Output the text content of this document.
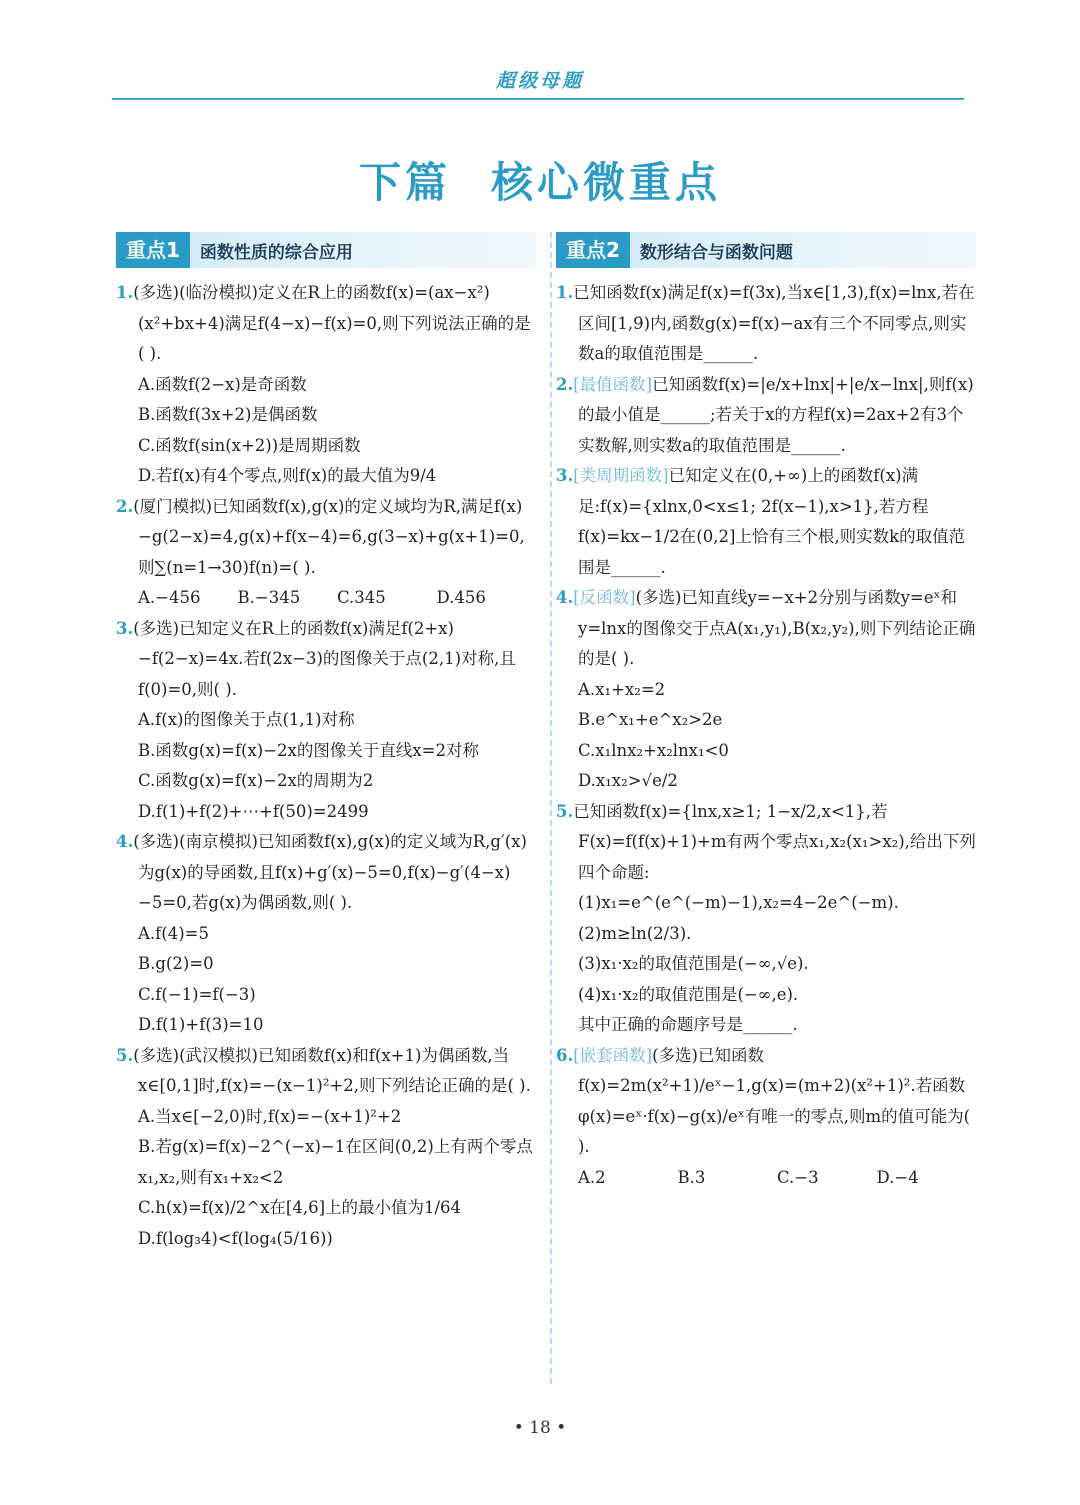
超级母题
下篇 核心微重点
重点1	函数性质的综合应用
1.(多选)(临汾模拟)定义在R上的函数f(x)=(ax−x²)(x²+bx+4)满足f(4−x)−f(x)=0,则下列说法正确的是( ).
A.函数f(2−x)是奇函数
B.函数f(3x+2)是偶函数
C.函数f(sin(x+2))是周期函数
D.若f(x)有4个零点,则f(x)的最大值为9/4
2.(厦门模拟)已知函数f(x),g(x)的定义域均为R,满足f(x)−g(2−x)=4,g(x)+f(x−4)=6,g(3−x)+g(x+1)=0,则∑(n=1→30)f(n)=( ).
A.−456	B.−345	C.345	D.456
3.(多选)已知定义在R上的函数f(x)满足f(2+x)−f(2−x)=4x.若f(2x−3)的图像关于点(2,1)对称,且f(0)=0,则( ).
A.f(x)的图像关于点(1,1)对称
B.函数g(x)=f(x)−2x的图像关于直线x=2对称
C.函数g(x)=f(x)−2x的周期为2
D.f(1)+f(2)+⋯+f(50)=2499
4.(多选)(南京模拟)已知函数f(x),g(x)的定义域为R,g′(x)为g(x)的导函数,且f(x)+g′(x)−5=0,f(x)−g′(4−x)−5=0,若g(x)为偶函数,则( ).
A.f(4)=5
B.g(2)=0
C.f(−1)=f(−3)
D.f(1)+f(3)=10
5.(多选)(武汉模拟)已知函数f(x)和f(x+1)为偶函数,当x∈[0,1]时,f(x)=−(x−1)²+2,则下列结论正确的是( ).
A.当x∈[−2,0)时,f(x)=−(x+1)²+2
B.若g(x)=f(x)−2^(−x)−1在区间(0,2)上有两个零点x₁,x₂,则有x₁+x₂<2
C.h(x)=f(x)/2^x在[4,6]上的最小值为1/64
D.f(log₃4)<f(log₄(5/16))
重点2	数形结合与函数问题
1.已知函数f(x)满足f(x)=f(3x),当x∈[1,3),f(x)=lnx,若在区间[1,9)内,函数g(x)=f(x)−ax有三个不同零点,则实数a的取值范围是______.
2.[最值函数]已知函数f(x)=|e/x+lnx|+|e/x−lnx|,则f(x)的最小值是______;若关于x的方程f(x)=2ax+2有3个实数解,则实数a的取值范围是______.
3.[类周期函数]已知定义在(0,+∞)上的函数f(x)满足:f(x)={xlnx,0<x≤1; 2f(x−1),x>1},若方程f(x)=kx−1/2在(0,2]上恰有三个根,则实数k的取值范围是______.
4.[反函数](多选)已知直线y=−x+2分别与函数y=eˣ和y=lnx的图像交于点A(x₁,y₁),B(x₂,y₂),则下列结论正确的是( ).
A.x₁+x₂=2
B.e^x₁+e^x₂>2e
C.x₁lnx₂+x₂lnx₁<0
D.x₁x₂>√e/2
5.已知函数f(x)={lnx,x≥1; 1−x/2,x<1},若F(x)=f(f(x)+1)+m有两个零点x₁,x₂(x₁>x₂),给出下列四个命题:
(1)x₁=e^(e^(−m)−1),x₂=4−2e^(−m).
(2)m≥ln(2/3).
(3)x₁·x₂的取值范围是(−∞,√e).
(4)x₁·x₂的取值范围是(−∞,e).
其中正确的命题序号是______.
6.[嵌套函数](多选)已知函数f(x)=2m(x²+1)/eˣ−1,g(x)=(m+2)(x²+1)².若函数φ(x)=eˣ·f(x)−g(x)/eˣ有唯一的零点,则m的值可能为( ).
A.2	B.3	C.−3	D.−4
• 18 •
